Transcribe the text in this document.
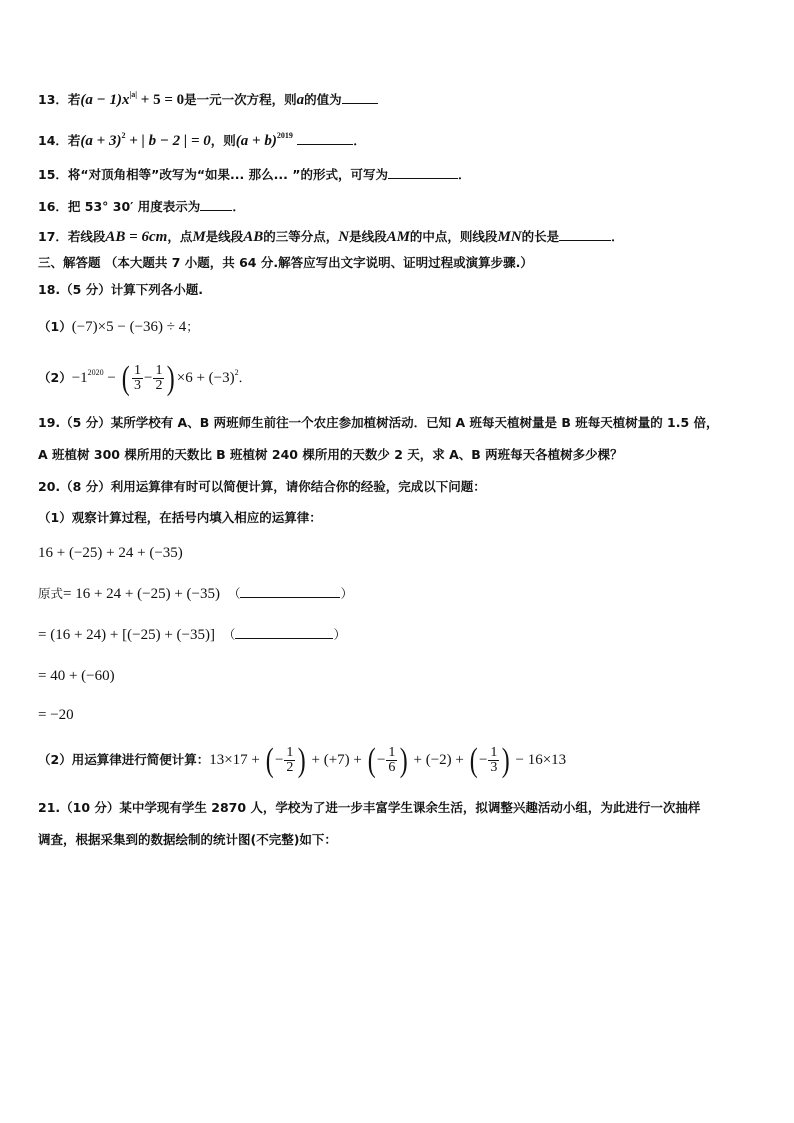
13．若$(a - 1)x^{|a|} + 5 = 0$是一元一次方程，则a的值为
14．若$(a + 3)^2$ + | b − 2 | = 0，则$(a + b)^{2019}$	．
15．将“对顶角相等”改写为“如果... 那么... ”的形式，可写为	．
16．把 53° 30′ 用度表示为	．
17．若线段AB = 6cm，点M是线段AB的三等分点，N是线段AM的中点，则线段MN的长是	．
三、解答题 （本大题共 7 小题，共 64 分.解答应写出文字说明、证明过程或演算步骤.）
18.（5 分）计算下列各小题.
（1）(−7)×5 − (−36) ÷ 4；
$(2)-1^{2020}$ − ( $\frac{1}{3} - \frac{1}{2}$ ) $\times 6 + (-3)^2$．
19.（5 分）某所学校有 A、B 两班师生前往一个农庄参加植树活动．已知 A 班每天植树量是 B 班每天植树量的 1.5 倍，
A 班植树 300 棵所用的天数比 B 班植树 240 棵所用的天数少 2 天，求 A、B 两班每天各植树多少棵？
20.（8 分）利用运算律有时可以简便计算，请你结合你的经验，完成以下问题：
（1）观察计算过程，在括号内填入相应的运算律：
16 + (−25) + 24 + (−35)
原式= 16 + 24 + (−25) + (−35) （	）
= (16 + 24) + [(−25) + (−35)] （	）
= 40 + (−60)
= −20
（2）用运算律进行简便计算：13×17 + ( − $\frac{1}{2}$ ) + (+7) + ( − $\frac{1}{6}$ ) + (−2) + ( − $\frac{1}{3}$ ) − 16×13
21.（10 分）某中学现有学生 2870 人，学校为了进一步丰富学生课余生活，拟调整兴趣活动小组，为此进行一次抽样
调查，根据采集到的数据绘制的统计图(不完整)如下：
